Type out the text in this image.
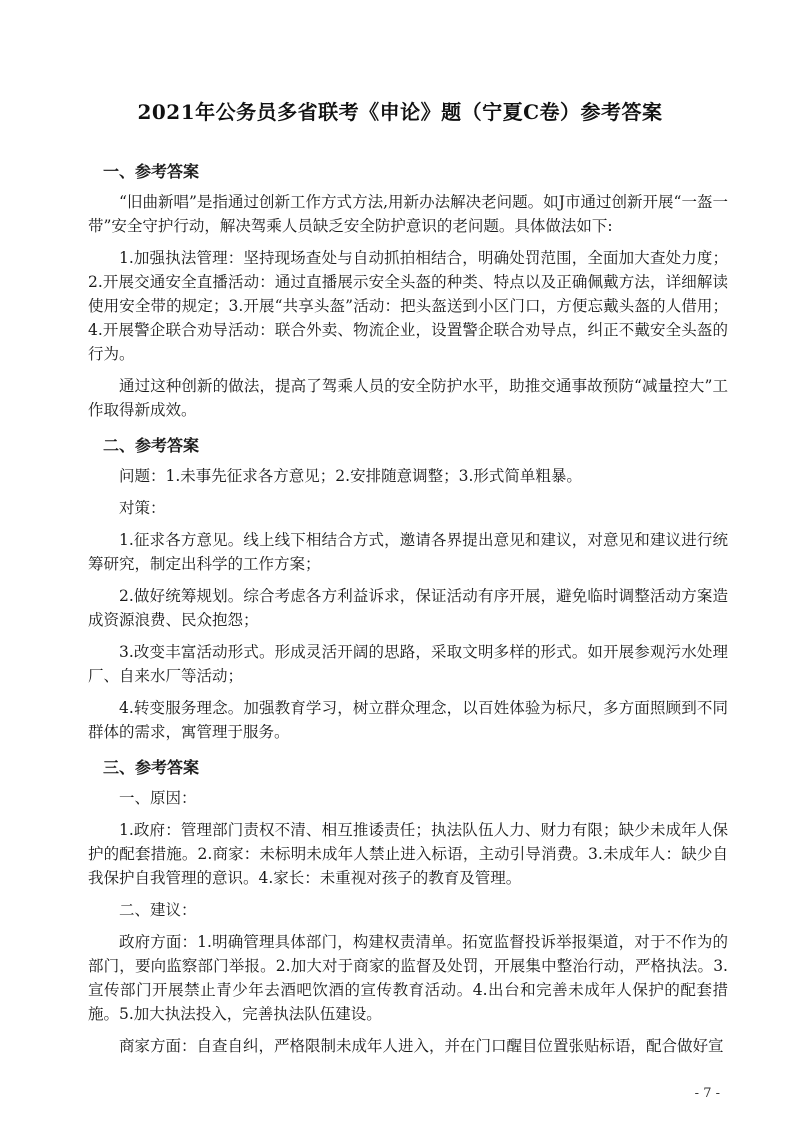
2021年公务员多省联考《申论》题（宁夏C卷）参考答案
一、参考答案

“旧曲新唱”是指通过创新工作方式方法,用新办法解决老问题。如J市通过创新开展“一盔一带”安全守护行动，解决驾乘人员缺乏安全防护意识的老问题。具体做法如下:

1.加强执法管理：坚持现场查处与自动抓拍相结合，明确处罚范围，全面加大查处力度；2.开展交通安全直播活动：通过直播展示安全头盔的种类、特点以及正确佩戴方法，详细解读使用安全带的规定；3.开展“共享头盔”活动：把头盔送到小区门口，方便忘戴头盔的人借用；4.开展警企联合劝导活动：联合外卖、物流企业，设置警企联合劝导点，纠正不戴安全头盔的行为。

通过这种创新的做法，提高了驾乘人员的安全防护水平，助推交通事故预防“减量控大”工作取得新成效。

二、参考答案

问题：1.未事先征求各方意见；2.安排随意调整；3.形式简单粗暴。

对策：

1.征求各方意见。线上线下相结合方式，邀请各界提出意见和建议，对意见和建议进行统筹研究，制定出科学的工作方案；

2.做好统筹规划。综合考虑各方利益诉求，保证活动有序开展，避免临时调整活动方案造成资源浪费、民众抱怨；

3.改变丰富活动形式。形成灵活开阔的思路，采取文明多样的形式。如开展参观污水处理厂、自来水厂等活动；

4.转变服务理念。加强教育学习，树立群众理念，以百姓体验为标尺，多方面照顾到不同群体的需求，寓管理于服务。

三、参考答案

一、原因：

1.政府：管理部门责权不清、相互推诿责任；执法队伍人力、财力有限；缺少未成年人保护的配套措施。2.商家：未标明未成年人禁止进入标语，主动引导消费。3.未成年人：缺少自我保护自我管理的意识。4.家长：未重视对孩子的教育及管理。

二、建议：

政府方面：1.明确管理具体部门，构建权责清单。拓宽监督投诉举报渠道，对于不作为的部门，要向监察部门举报。2.加大对于商家的监督及处罚，开展集中整治行动，严格执法。3.宣传部门开展禁止青少年去酒吧饮酒的宣传教育活动。4.出台和完善未成年人保护的配套措施。5.加大执法投入，完善执法队伍建设。

商家方面：自查自纠，严格限制未成年人进入，并在门口醒目位置张贴标语，配合做好宣

- 7 -
